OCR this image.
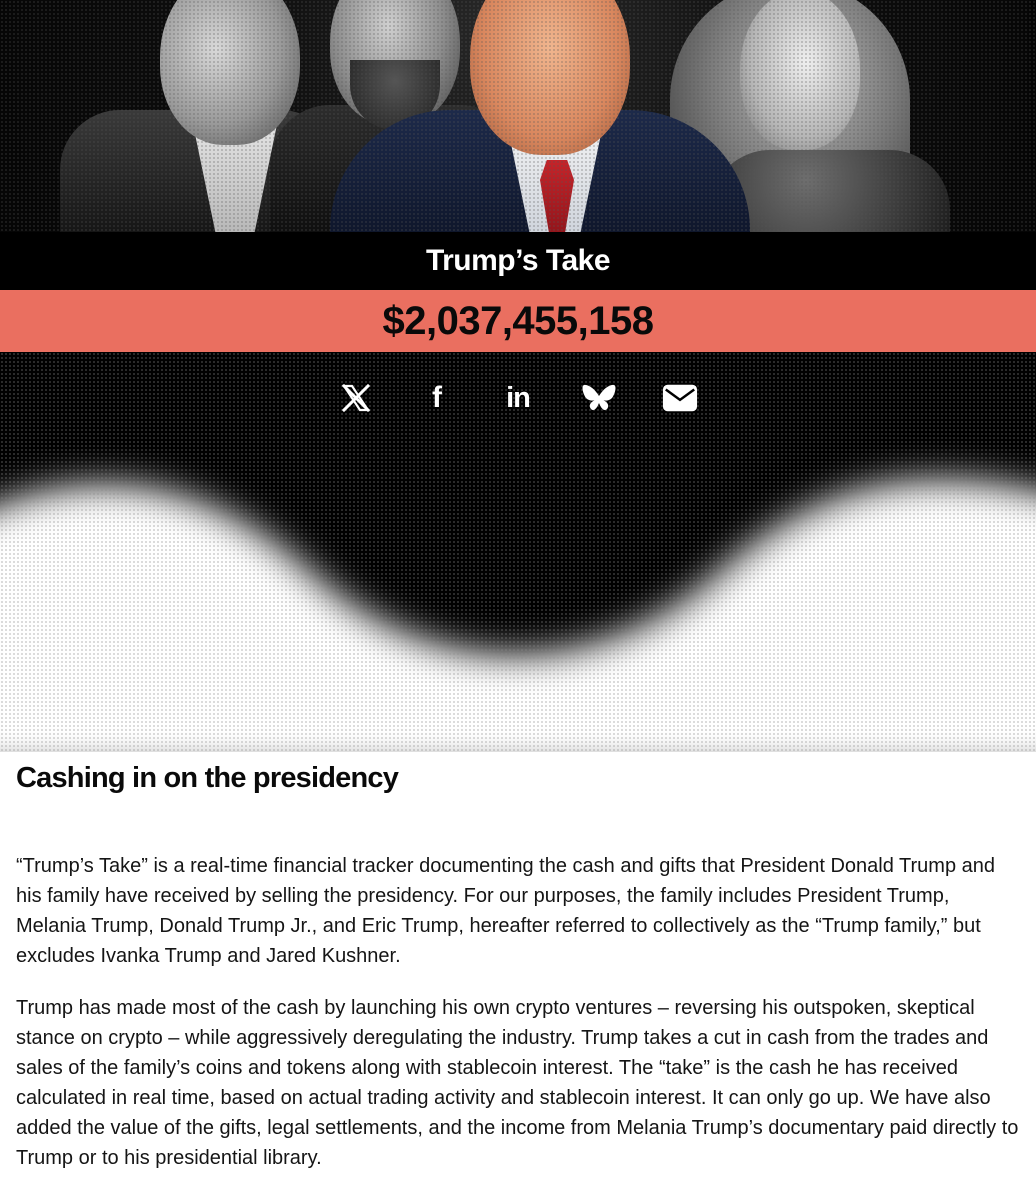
Trump’s Take
$2,037,455,158
f in
Cashing in on the presidency

“Trump’s Take” is a real-time financial tracker documenting the cash and gifts that President Donald Trump and his family have received by selling the presidency. For our purposes, the family includes President Trump, Melania Trump, Donald Trump Jr., and Eric Trump, hereafter referred to collectively as the “Trump family,” but excludes Ivanka Trump and Jared Kushner.

Trump has made most of the cash by launching his own crypto ventures – reversing his outspoken, skeptical stance on crypto – while aggressively deregulating the industry. Trump takes a cut in cash from the trades and sales of the family’s coins and tokens along with stablecoin interest. The “take” is the cash he has received calculated in real time, based on actual trading activity and stablecoin interest. It can only go up. We have also added the value of the gifts, legal settlements, and the income from Melania Trump’s documentary paid directly to Trump or to his presidential library.
